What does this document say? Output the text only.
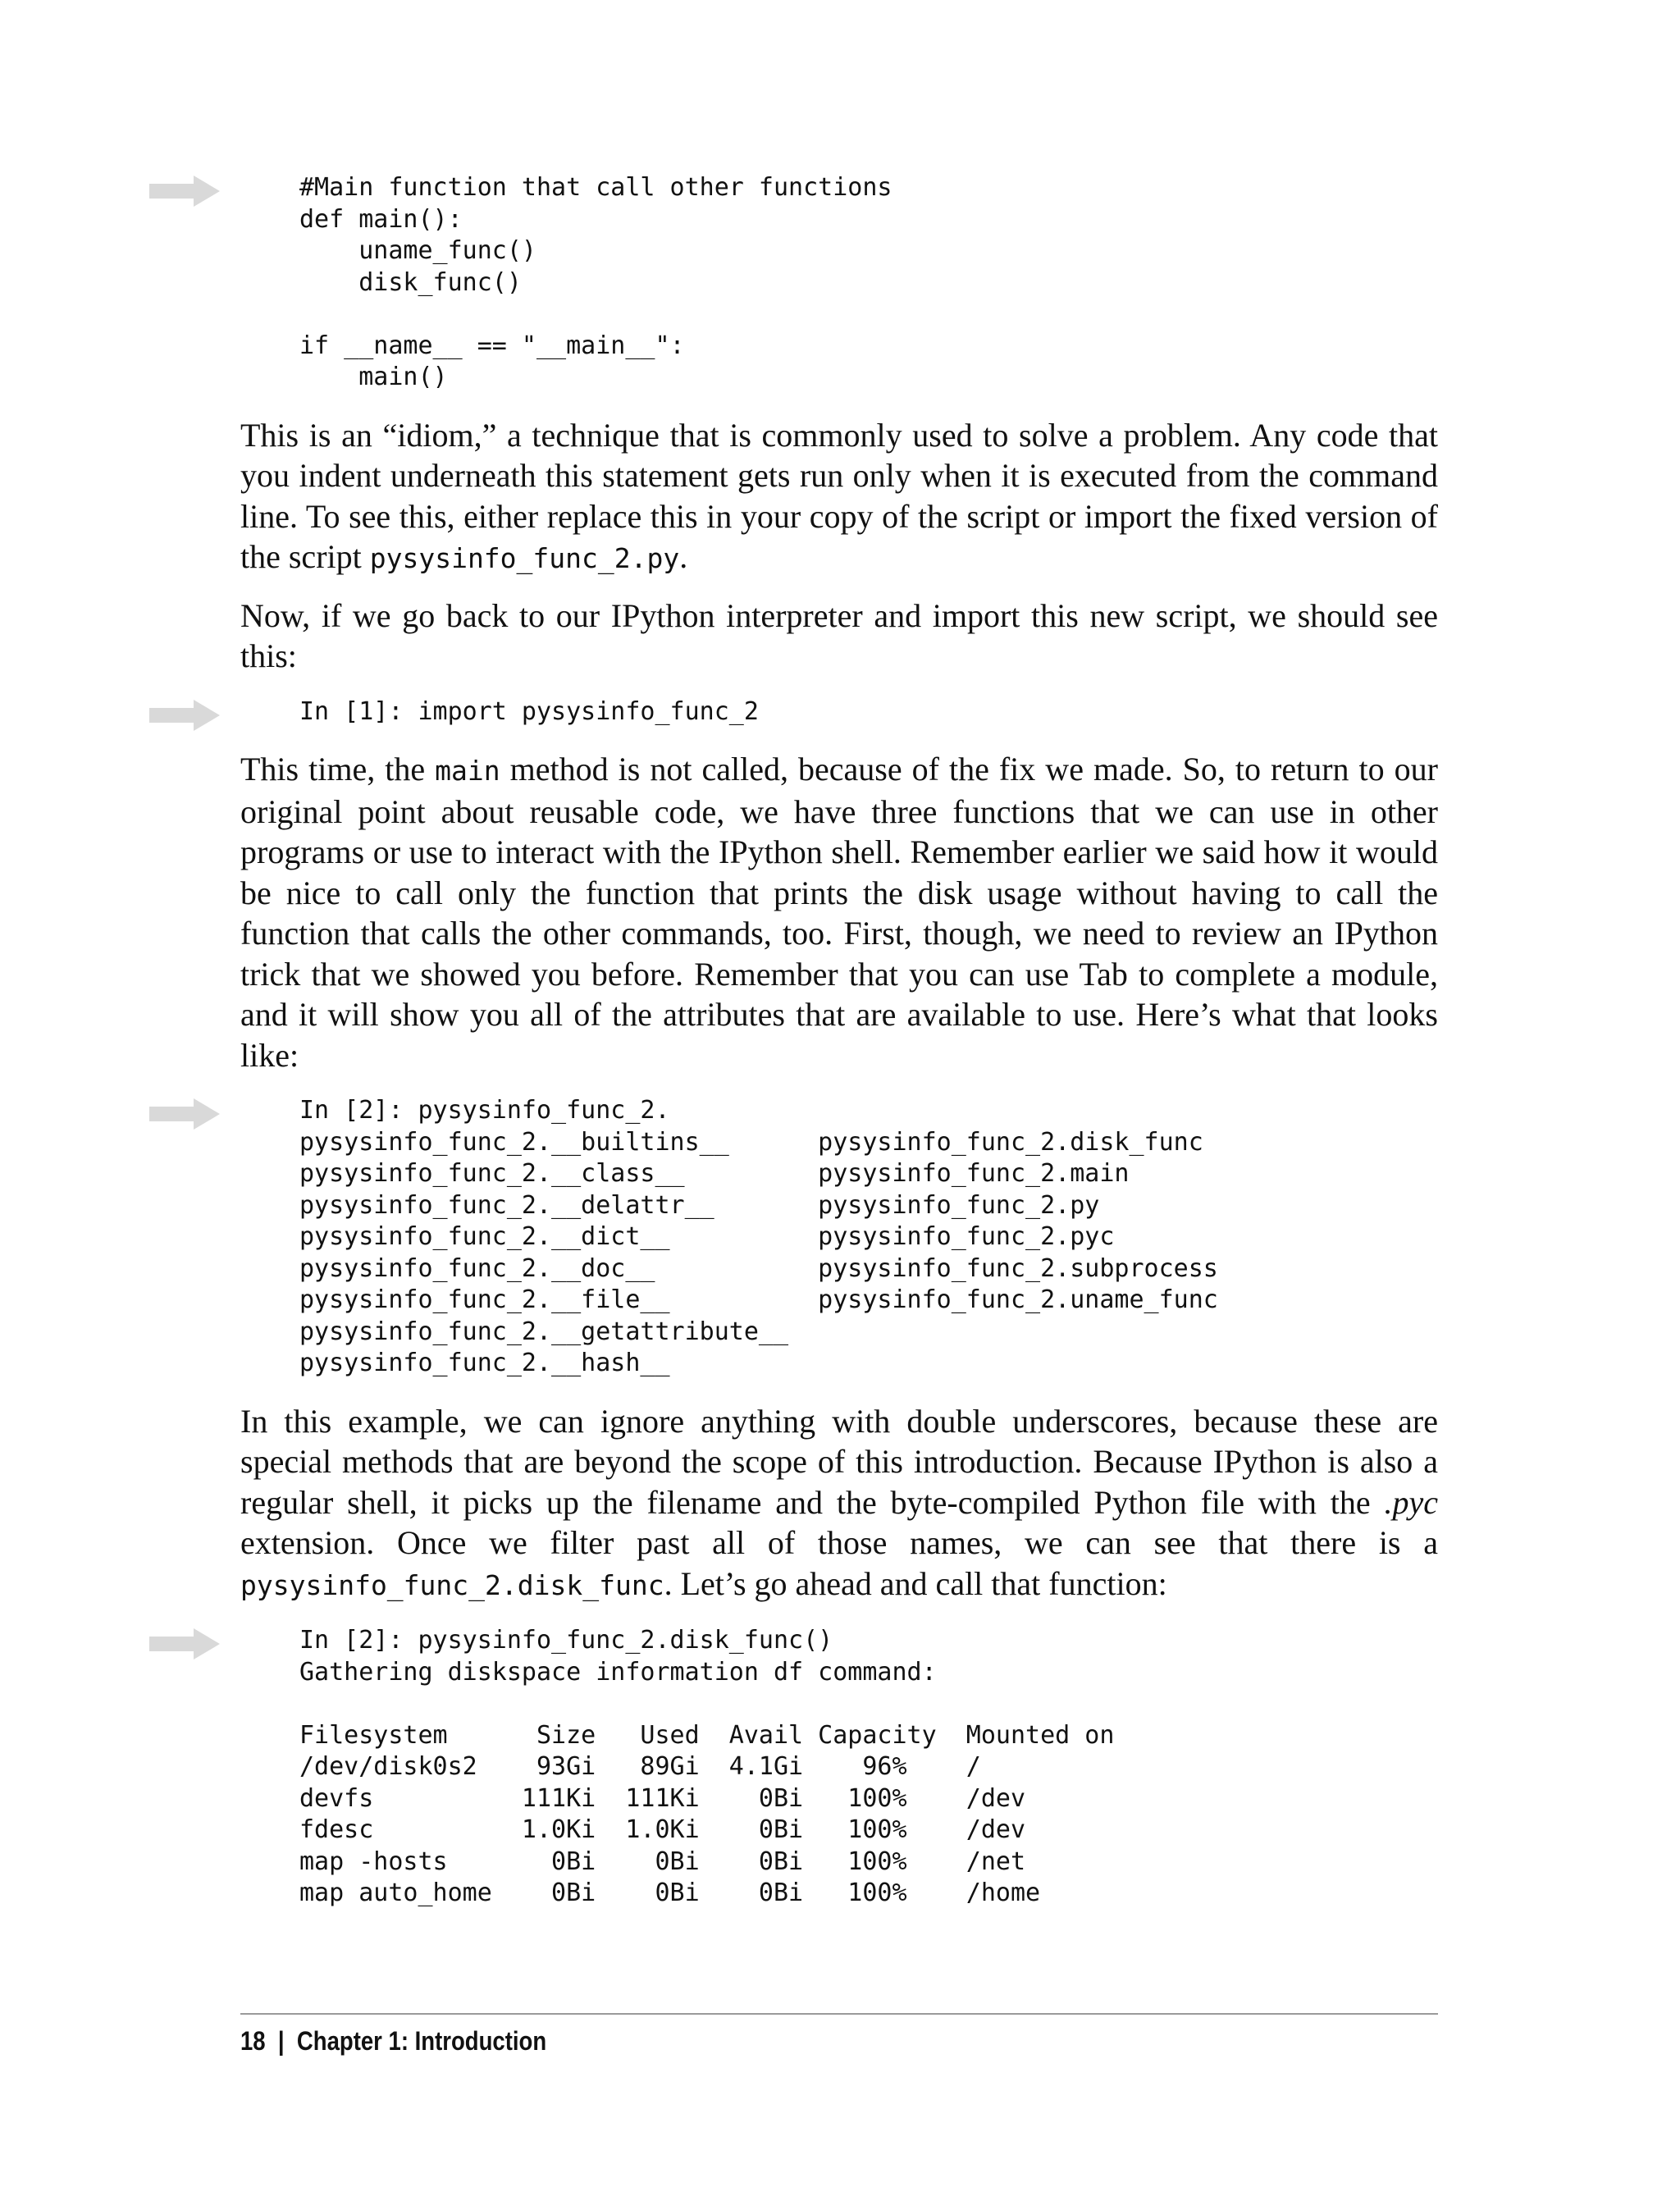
#Main function that call other functions
def main():
uname_func()
disk_func()

if __name__ == "__main__":
main()

This is an “idiom,” a technique that is commonly used to solve a problem. Any code that you indent underneath this statement gets run only when it is executed from the command line. To see this, either replace this in your copy of the script or import the fixed version of the script pysysinfo_func_2.py.

Now, if we go back to our IPython interpreter and import this new script, we should see this:

In [1]: import pysysinfo_func_2

This time, the main method is not called, because of the fix we made. So, to return to our original point about reusable code, we have three functions that we can use in other programs or use to interact with the IPython shell. Remember earlier we said how it would be nice to call only the function that prints the disk usage without having to call the function that calls the other commands, too. First, though, we need to review an IPython trick that we showed you before. Remember that you can use Tab to complete a module, and it will show you all of the attributes that are available to use. Here’s what that looks like:

In [2]: pysysinfo_func_2.
pysysinfo_func_2.__builtins__      pysysinfo_func_2.disk_func
pysysinfo_func_2.__class__         pysysinfo_func_2.main
pysysinfo_func_2.__delattr__       pysysinfo_func_2.py
pysysinfo_func_2.__dict__          pysysinfo_func_2.pyc
pysysinfo_func_2.__doc__           pysysinfo_func_2.subprocess
pysysinfo_func_2.__file__          pysysinfo_func_2.uname_func
pysysinfo_func_2.__getattribute__
pysysinfo_func_2.__hash__

In this example, we can ignore anything with double underscores, because these are special methods that are beyond the scope of this introduction. Because IPython is also a regular shell, it picks up the filename and the byte-compiled Python file with the .pyc extension. Once we filter past all of those names, we can see that there is a pysysinfo_func_2.disk_func. Let’s go ahead and call that function:

In [2]: pysysinfo_func_2.disk_func()
Gathering diskspace information df command:

Filesystem      Size   Used  Avail Capacity  Mounted on
/dev/disk0s2    93Gi   89Gi  4.1Gi    96%    /
devfs          111Ki  111Ki    0Bi   100%    /dev
fdesc          1.0Ki  1.0Ki    0Bi   100%    /dev
map -hosts       0Bi    0Bi    0Bi   100%    /net
map auto_home    0Bi    0Bi    0Bi   100%    /home
18  |  Chapter 1: Introduction
